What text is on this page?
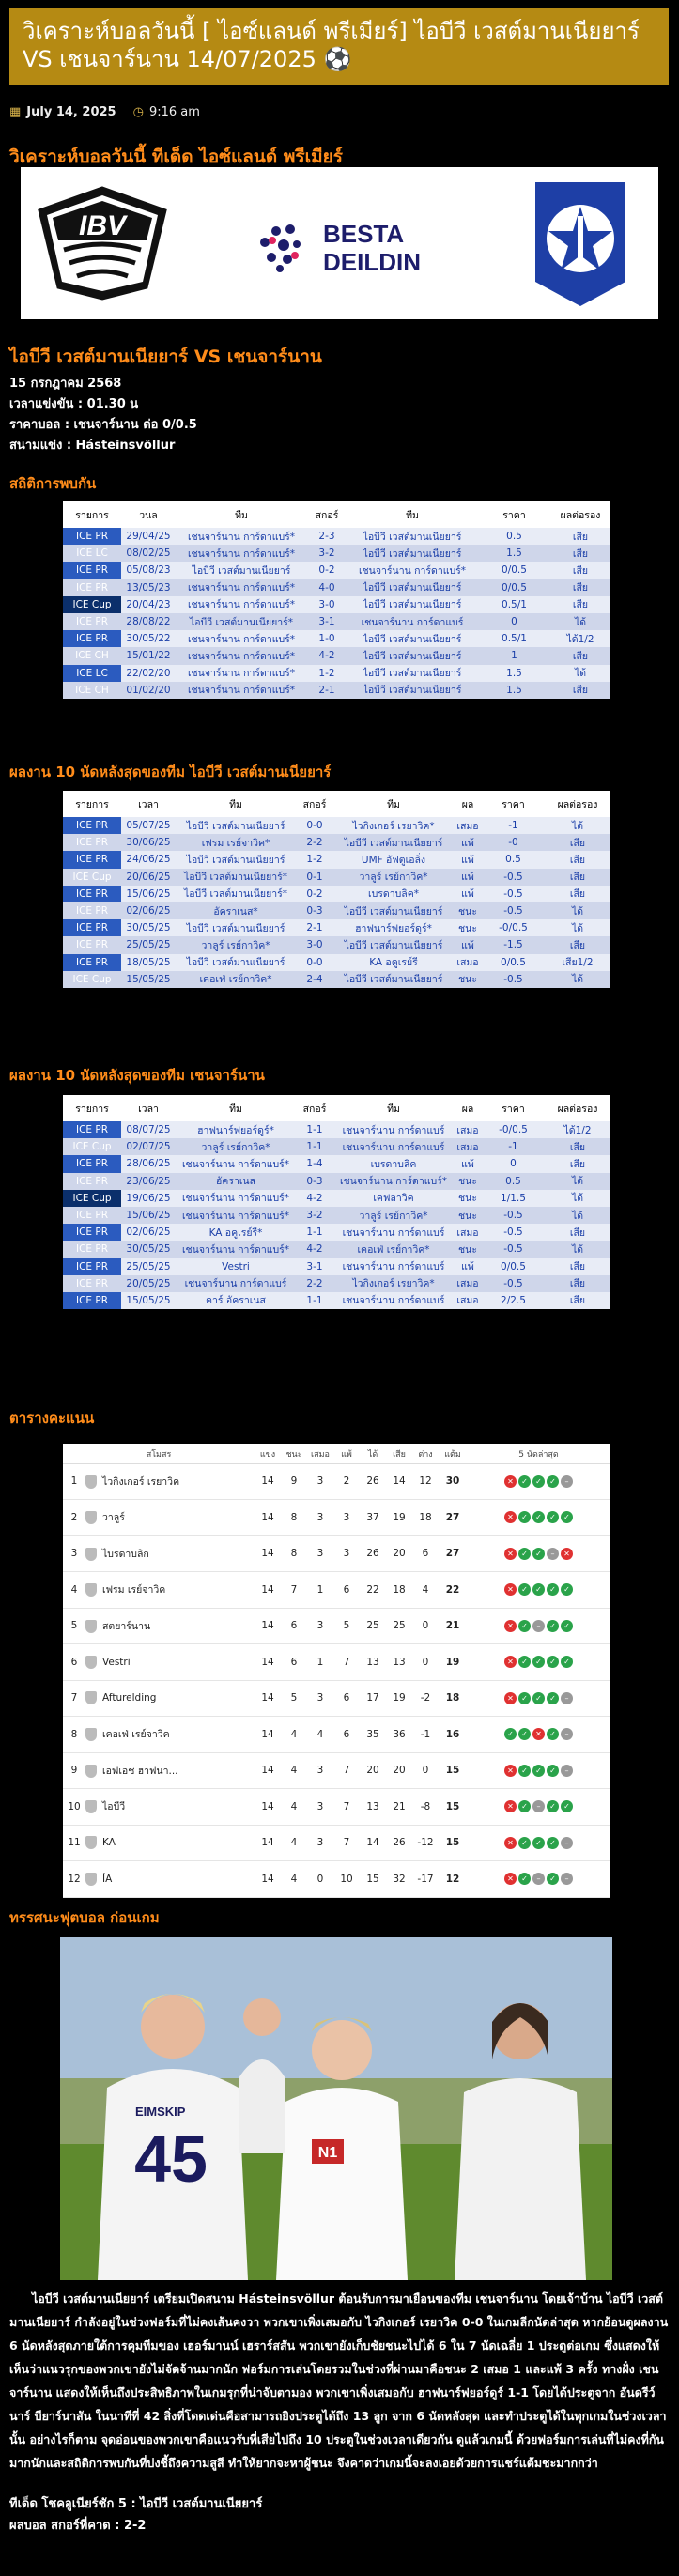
วิเคราะห์บอลวันนี้ [ ไอซ์แลนด์ พรีเมียร์] ไอบีวี เวสต์มานเนียยาร์ VS เชนจาร์นาน 14/07/2025 ⚽
▦ July 14, 2025 ◷ 9:16 am
วิเคราะห์บอลวันนี้ ทีเด็ด ไอซ์แลนด์ พรีเมียร์
IBV	BESTA
DEILDIN
ไอบีวี เวสต์มานเนียยาร์ VS เชนจาร์นาน
15 กรกฎาคม 2568
เวลาแข่งขัน : 01.30 น
ราคาบอล : เชนจาร์นาน ต่อ 0/0.5
สนามแข่ง : Hásteinsvöllur
สถิติการพบกัน
รายการ	วนล	ทีม	สกอร์	ทีม	ราคา	ผลต่อรอง
ICE PR	29/04/25	เชนจาร์นาน การ์ดาแบร์*	2-3	ไอบีวี เวสต์มานเนียยาร์	0.5	เสีย
ICE LC	08/02/25	เชนจาร์นาน การ์ดาแบร์*	3-2	ไอบีวี เวสต์มานเนียยาร์	1.5	เสีย
ICE PR	05/08/23	ไอบีวี เวสต์มานเนียยาร์	0-2	เชนจาร์นาน การ์ดาแบร์*	0/0.5	เสีย
ICE PR	13/05/23	เชนจาร์นาน การ์ดาแบร์*	4-0	ไอบีวี เวสต์มานเนียยาร์	0/0.5	เสีย
ICE Cup	20/04/23	เชนจาร์นาน การ์ดาแบร์*	3-0	ไอบีวี เวสต์มานเนียยาร์	0.5/1	เสีย
ICE PR	28/08/22	ไอบีวี เวสต์มานเนียยาร์*	3-1	เชนจาร์นาน การ์ดาแบร์	0	ได้
ICE PR	30/05/22	เชนจาร์นาน การ์ดาแบร์*	1-0	ไอบีวี เวสต์มานเนียยาร์	0.5/1	ได้1/2
ICE CH	15/01/22	เชนจาร์นาน การ์ดาแบร์*	4-2	ไอบีวี เวสต์มานเนียยาร์	1	เสีย
ICE LC	22/02/20	เชนจาร์นาน การ์ดาแบร์*	1-2	ไอบีวี เวสต์มานเนียยาร์	1.5	ได้
ICE CH	01/02/20	เชนจาร์นาน การ์ดาแบร์*	2-1	ไอบีวี เวสต์มานเนียยาร์	1.5	เสีย
ผลงาน 10 นัดหลังสุดของทีม ไอบีวี เวสต์มานเนียยาร์
รายการ	เวลา	ทีม	สกอร์	ทีม	ผล	ราคา	ผลต่อรอง
ICE PR	05/07/25	ไอบีวี เวสต์มานเนียยาร์	0-0	ไวกิงเกอร์ เรยาวิค*	เสมอ	-1	ได้
ICE PR	30/06/25	เฟรม เรย์จาวิค*	2-2	ไอบีวี เวสต์มานเนียยาร์	แพ้	-0	เสีย
ICE PR	24/06/25	ไอบีวี เวสต์มานเนียยาร์	1-2	UMF อัฟตูเอลิ่ง	แพ้	0.5	เสีย
ICE Cup	20/06/25	ไอบีวี เวสต์มานเนียยาร์*	0-1	วาลูร์ เรย์กาวิค*	แพ้	-0.5	เสีย
ICE PR	15/06/25	ไอบีวี เวสต์มานเนียยาร์*	0-2	เบรดาบลิค*	แพ้	-0.5	เสีย
ICE PR	02/06/25	อัคราเนส*	0-3	ไอบีวี เวสต์มานเนียยาร์	ชนะ	-0.5	ได้
ICE PR	30/05/25	ไอบีวี เวสต์มานเนียยาร์	2-1	ฮาฟนาร์ฟยอร์ดูร์*	ชนะ	-0/0.5	ได้
ICE PR	25/05/25	วาลูร์ เรย์กาวิค*	3-0	ไอบีวี เวสต์มานเนียยาร์	แพ้	-1.5	เสีย
ICE PR	18/05/25	ไอบีวี เวสต์มานเนียยาร์	0-0	KA อคูเรย์รี	เสมอ	0/0.5	เสีย1/2
ICE Cup	15/05/25	เคอเฟ่ เรย์กาวิค*	2-4	ไอบีวี เวสต์มานเนียยาร์	ชนะ	-0.5	ได้
ผลงาน 10 นัดหลังสุดของทีม เชนจาร์นาน
รายการ	เวลา	ทีม	สกอร์	ทีม	ผล	ราคา	ผลต่อรอง
ICE PR	08/07/25	ฮาฟนาร์ฟยอร์ดูร์*	1-1	เชนจาร์นาน การ์ดาแบร์	เสมอ	-0/0.5	ได้1/2
ICE Cup	02/07/25	วาลูร์ เรย์กาวิค*	1-1	เชนจาร์นาน การ์ดาแบร์	เสมอ	-1	เสีย
ICE PR	28/06/25	เชนจาร์นาน การ์ดาแบร์*	1-4	เบรดาบลิค	แพ้	0	เสีย
ICE PR	23/06/25	อัคราเนส	0-3	เชนจาร์นาน การ์ดาแบร์*	ชนะ	0.5	ได้
ICE Cup	19/06/25	เชนจาร์นาน การ์ดาแบร์*	4-2	เคฟลาวิค	ชนะ	1/1.5	ได้
ICE PR	15/06/25	เชนจาร์นาน การ์ดาแบร์*	3-2	วาลูร์ เรย์กาวิค*	ชนะ	-0.5	ได้
ICE PR	02/06/25	KA อคูเรย์รี*	1-1	เชนจาร์นาน การ์ดาแบร์	เสมอ	-0.5	เสีย
ICE PR	30/05/25	เชนจาร์นาน การ์ดาแบร์*	4-2	เคอเฟ่ เรย์กาวิค*	ชนะ	-0.5	ได้
ICE PR	25/05/25	Vestri	3-1	เชนจาร์นาน การ์ดาแบร์	แพ้	0/0.5	เสีย
ICE PR	20/05/25	เชนจาร์นาน การ์ดาแบร์	2-2	ไวกิงเกอร์ เรยาวิค*	เสมอ	-0.5	เสีย
ICE PR	15/05/25	คาร์ อัคราเนส	1-1	เชนจาร์นาน การ์ดาแบร์	เสมอ	2/2.5	เสีย
ตารางคะแนน
สโมสร		แข่ง	ชนะ	เสมอ	แพ้	ได้	เสีย	ต่าง	แต้ม	5 นัดล่าสุด
1	ไวกิงเกอร์ เรยาวิค	14	9	3	2	26	14	12	30	✕ ✓ ✓ ✓ –

2	วาลูร์	14	8	3	3	37	19	18	27	✕ ✓ ✓ ✓ ✓

3	ไบรดาบลิก	14	8	3	3	26	20	6	27	✕ ✓ ✓ – ✕

4	เฟรม เรย์จาวิค	14	7	1	6	22	18	4	22	✕ ✓ ✓ ✓ ✓

5	สตยาร์นาน	14	6	3	5	25	25	0	21	✕ ✓ – ✓ ✓

6	Vestri	14	6	1	7	13	13	0	19	✕ ✓ ✓ ✓ ✓

7	Afturelding	14	5	3	6	17	19	-2	18	✕ ✓ ✓ ✓ –

8	เคอเฟ่ เรย์จาวิค	14	4	4	6	35	36	-1	16	✓ ✓ ✕ ✓ –

9	เอฟเอช ฮาฟนา...	14	4	3	7	20	20	0	15	✕ ✓ ✓ ✓ –

10	ไอบีวี	14	4	3	7	13	21	-8	15	✕ ✓ – ✓ ✓

11	KA	14	4	3	7	14	26	-12	15	✕ ✓ ✓ ✓ –

12	ÍA	14	4	0	10	15	32	-17	12	✕ ✓ – ✓ –
ทรรศนะฟุตบอล ก่อนเกม
45
EIMSKIP
N1

ไอบีวี เวสต์มานเนียยาร์ เตรียมเปิดสนาม Hásteinsvöllur ต้อนรับการมาเยือนของทีม เชนจาร์นาน โดยเจ้าบ้าน ไอบีวี เวสต์มานเนียยาร์ กำลังอยู่ในช่วงฟอร์มที่ไม่คงเส้นคงวา พวกเขาเพิ่งเสมอกับ ไวกิงเกอร์ เรยาวิค 0-0 ในเกมลีกนัดล่าสุด หากย้อนดูผลงาน 6 นัดหลังสุดภายใต้การคุมทีมของ เฮอร์มานน์ เฮราร์สสัน พวกเขายังเก็บชัยชนะไปได้ 6 ใน 7 นัดเฉลี่ย 1 ประตูต่อเกม ซึ่งแสดงให้เห็นว่าแนวรุกของพวกเขายังไม่จัดจ้านมากนัก ฟอร์มการเล่นโดยรวมในช่วงที่ผ่านมาคือชนะ 2 เสมอ 1 และแพ้ 3 ครั้ง ทางฝั่ง เชนจาร์นาน แสดงให้เห็นถึงประสิทธิภาพในเกมรุกที่น่าจับตามอง พวกเขาเพิ่งเสมอกับ ฮาฟนาร์ฟยอร์ดูร์ 1-1 โดยได้ประตูจาก อันดรีว์ นาร์ บียาร์นาสัน ในนาทีที่ 42 สิ่งที่โดดเด่นคือสามารถยิงประตูได้ถึง 13 ลูก จาก 6 นัดหลังสุด และทำประตูได้ในทุกเกมในช่วงเวลานั้น อย่างไรก็ตาม จุดอ่อนของพวกเขาคือแนวรับที่เสียไปถึง 10 ประตูในช่วงเวลาเดียวกัน ดูแล้วเกมนี้ ด้วยฟอร์มการเล่นที่ไม่คงที่กันมากนักและสถิติการพบกันที่บ่งชี้ถึงความสูสี ทำให้ยากจะหาผู้ชนะ จึงคาดว่าเกมนี้จะลงเอยด้วยการแชร์แต้มชะมากกว่า

ทีเด็ด โชคอูเนียร์ชัก 5 : ไอบีวี เวสต์มานเนียยาร์
ผลบอล สกอร์ที่คาด : 2-2
